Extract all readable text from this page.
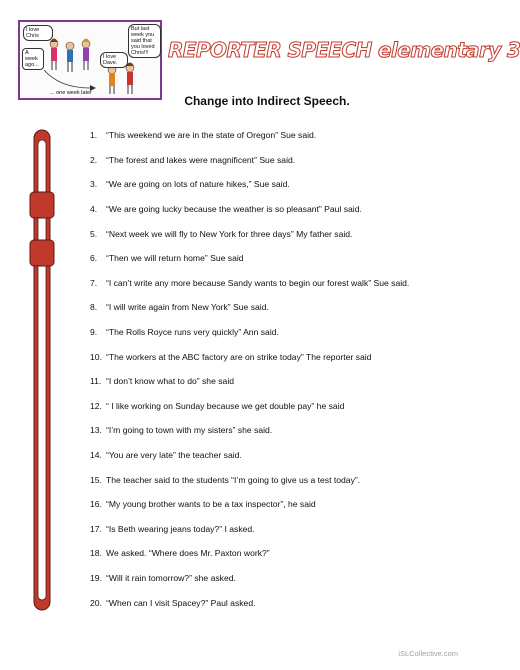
I love Chris
But last week you said that you loved Chris!!!
A week ago...
I love Dave.
... one week later
REPORTER SPEECH elementary 3
Change into Indirect Speech.
1.	“This weekend we are in the state of Oregon” Sue said.
2.	“The forest and lakes were magnificent” Sue said.
3.	“We are going on lots of nature hikes,” Sue said.
4.	“We are going lucky because the weather is so pleasant” Paul said.
5.	“Next week we will fly to New York for three days” My father said.
6.	“Then we will return home” Sue said
7.	“I can’t write any more because Sandy wants to begin our forest walk” Sue said.
8.	“I will write again from New York” Sue said.
9.	“The Rolls Royce runs very quickly” Ann said.
10. “The workers at the ABC factory are on strike today” The reporter said
11. “I don’t know what to do” she said
12. “ I like working on Sunday because we get double pay” he said
13. “I’m going to town with my sisters” she said.
14. “You are very late” the teacher said.
15. The teacher said to the students “I’m going to give us a test today”.
16. “My young brother wants to be a tax inspector”, he said
17. “Is Beth wearing jeans today?” I asked.
18. We asked. “Where does Mr. Paxton work?”
19. “Will it rain tomorrow?” she asked.
20. “When can I visit Spacey?” Paul asked.
iSLCollective.com
